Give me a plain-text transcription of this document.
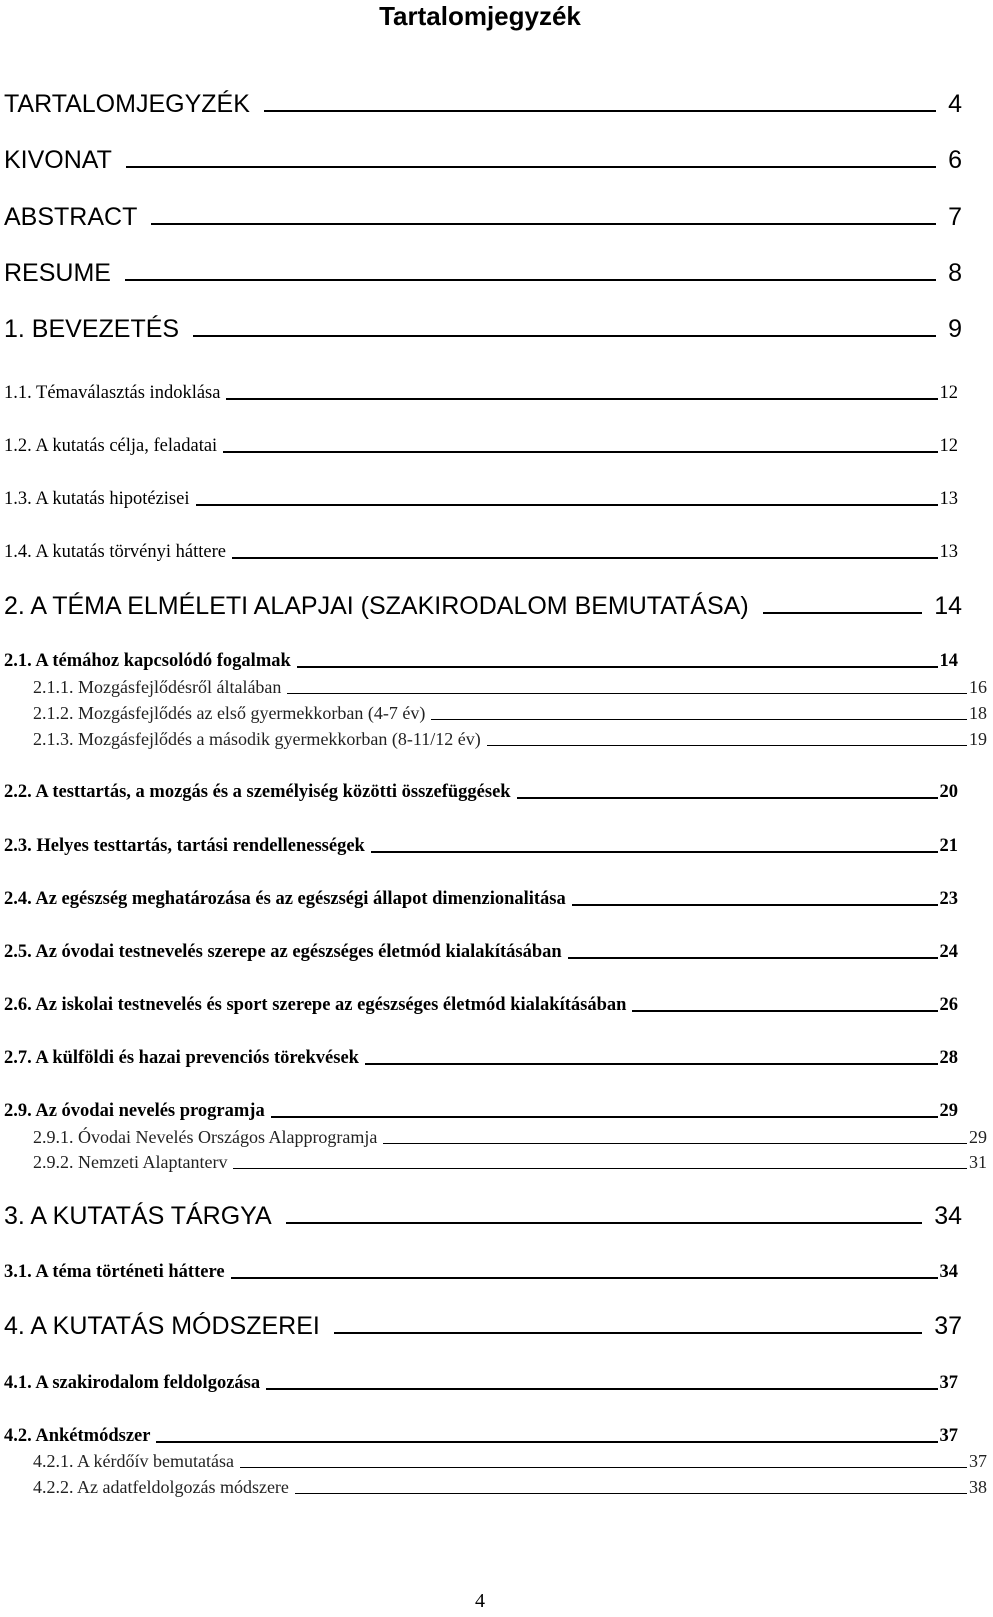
Tartalomjegyzék
TARTALOMJEGYZÉK	4
KIVONAT	6
ABSTRACT	7
RESUME	8
1. BEVEZETÉS	9
1.1. Témaválasztás indoklása	12
1.2. A kutatás célja, feladatai	12
1.3. A kutatás hipotézisei	13
1.4. A kutatás törvényi háttere	13
2. A TÉMA ELMÉLETI ALAPJAI (SZAKIRODALOM BEMUTATÁSA)	14
2.1. A témához kapcsolódó fogalmak	14
2.1.1. Mozgásfejlődésről általában	16
2.1.2. Mozgásfejlődés az első gyermekkorban (4-7 év)	18
2.1.3. Mozgásfejlődés a második gyermekkorban (8-11/12 év)	19
2.2. A testtartás, a mozgás és a személyiség közötti összefüggések	20
2.3. Helyes testtartás, tartási rendellenességek	21
2.4. Az egészség meghatározása és az egészségi állapot dimenzionalitása	23
2.5. Az óvodai testnevelés szerepe az egészséges életmód kialakításában	24
2.6. Az iskolai testnevelés és sport szerepe az egészséges életmód kialakításában	26
2.7. A külföldi és hazai prevenciós törekvések	28
2.9. Az óvodai nevelés programja	29
2.9.1. Óvodai Nevelés Országos Alapprogramja	29
2.9.2. Nemzeti Alaptanterv	31
3. A KUTATÁS TÁRGYA	34
3.1. A téma történeti háttere	34
4. A KUTATÁS MÓDSZEREI	37
4.1. A szakirodalom feldolgozása	37
4.2. Ankétmódszer	37
4.2.1. A kérdőív bemutatása	37
4.2.2. Az adatfeldolgozás módszere	38
4
